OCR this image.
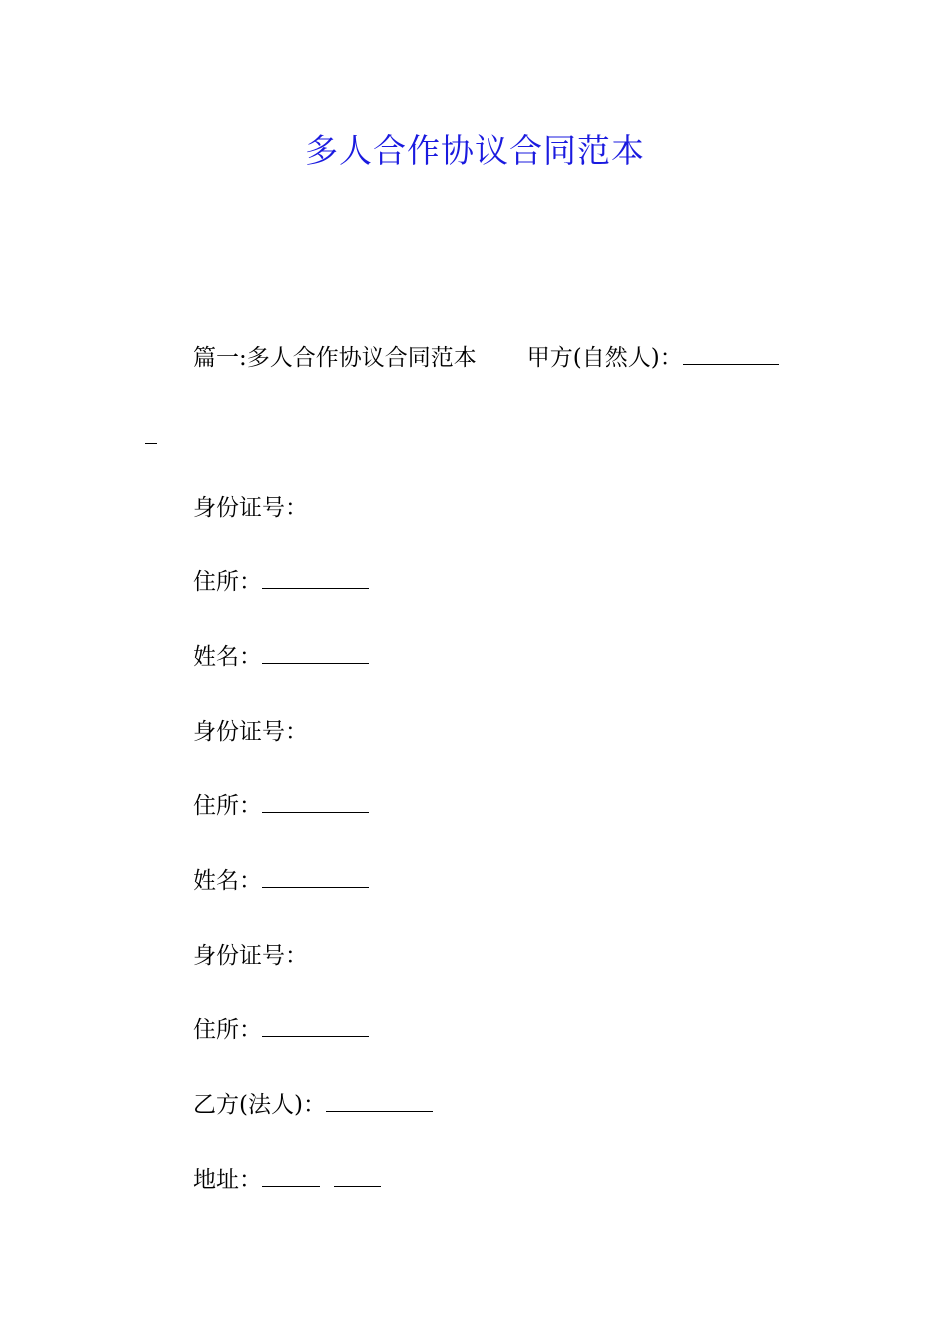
多人合作协议合同范本
篇一:多人合作协议合同范本 甲方(自然人)：
身份证号：
住所：
姓名：
身份证号：
住所：
姓名：
身份证号：
住所：
乙方(法人)：
地址：
